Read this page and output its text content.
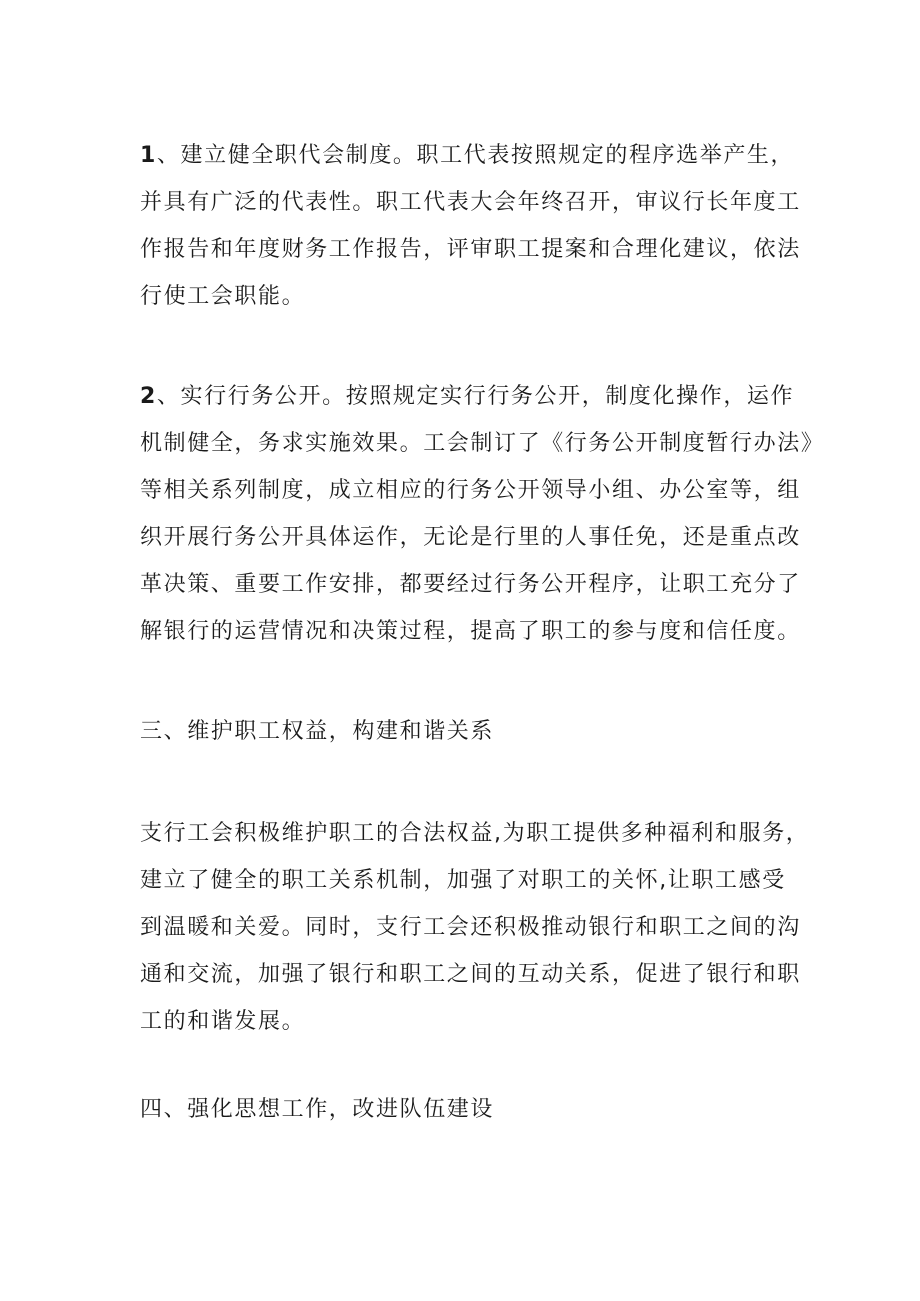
1、建立健全职代会制度。职工代表按照规定的程序选举产生，
并具有广泛的代表性。职工代表大会年终召开，审议行长年度工
作报告和年度财务工作报告，评审职工提案和合理化建议，依法
行使工会职能。
2、实行行务公开。按照规定实行行务公开，制度化操作，运作
机制健全，务求实施效果。工会制订了《行务公开制度暂行办法》
等相关系列制度，成立相应的行务公开领导小组、办公室等，组
织开展行务公开具体运作，无论是行里的人事任免，还是重点改
革决策、重要工作安排，都要经过行务公开程序，让职工充分了
解银行的运营情况和决策过程，提高了职工的参与度和信任度。
三、维护职工权益，构建和谐关系
支行工会积极维护职工的合法权益,为职工提供多种福利和服务，
建立了健全的职工关系机制，加强了对职工的关怀,让职工感受
到温暖和关爱。同时，支行工会还积极推动银行和职工之间的沟
通和交流，加强了银行和职工之间的互动关系，促进了银行和职
工的和谐发展。
四、强化思想工作，改进队伍建设
